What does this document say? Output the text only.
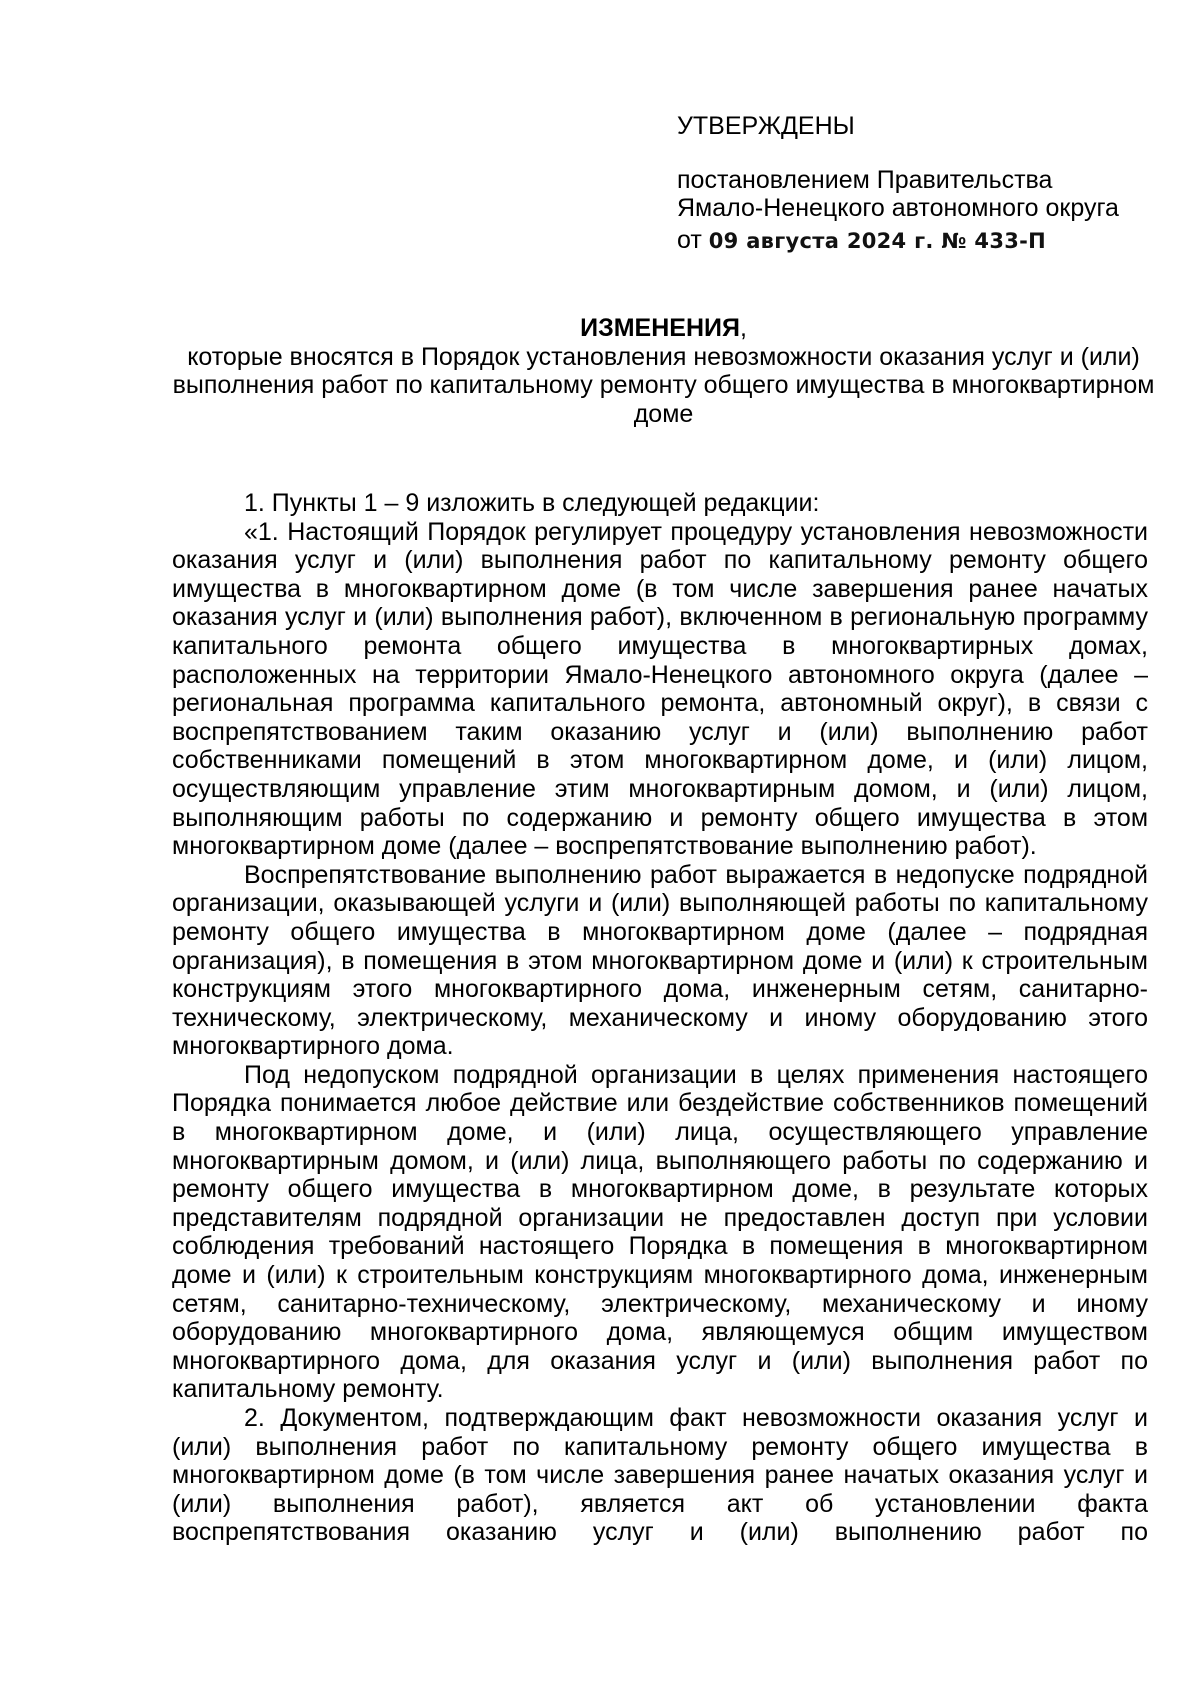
УТВЕРЖДЕНЫ

постановлением Правительства

Ямало-Ненецкого автономного округа

от 09 августа 2024 г. № 433-П

ИЗМЕНЕНИЯ,

которые вносятся в Порядок установления невозможности оказания услуг и (или) выполнения работ по капитальному ремонту общего имущества в многоквартирном доме

1. Пункты 1 – 9 изложить в следующей редакции:

«1. Настоящий Порядок регулирует процедуру установления невозможности оказания услуг и (или) выполнения работ по капитальному ремонту общего имущества в многоквартирном доме (в том числе завершения ранее начатых оказания услуг и (или) выполнения работ), включенном в региональную программу капитального ремонта общего имущества в многоквартирных домах, расположенных на территории Ямало-Ненецкого автономного округа (далее – региональная программа капитального ремонта, автономный округ), в связи с воспрепятствованием таким оказанию услуг и (или) выполнению работ собственниками помещений в этом многоквартирном доме, и (или) лицом, осуществляющим управление этим многоквартирным домом, и (или) лицом, выполняющим работы по содержанию и ремонту общего имущества в этом многоквартирном доме (далее – воспрепятствование выполнению работ).

Воспрепятствование выполнению работ выражается в недопуске подрядной организации, оказывающей услуги и (или) выполняющей работы по капитальному ремонту общего имущества в многоквартирном доме (далее – подрядная организация), в помещения в этом многоквартирном доме и (или) к строительным конструкциям этого многоквартирного дома, инженерным сетям, санитарно-техническому, электрическому, механическому и иному оборудованию этого многоквартирного дома.

Под недопуском подрядной организации в целях применения настоящего Порядка понимается любое действие или бездействие собственников помещений в многоквартирном доме, и (или) лица, осуществляющего управление многоквартирным домом, и (или) лица, выполняющего работы по содержанию и ремонту общего имущества в многоквартирном доме, в результате которых представителям подрядной организации не предоставлен доступ при условии соблюдения требований настоящего Порядка в помещения в многоквартирном доме и (или) к строительным конструкциям многоквартирного дома, инженерным сетям, санитарно-техническому, электрическому, механическому и иному оборудованию многоквартирного дома, являющемуся общим имуществом многоквартирного дома, для оказания услуг и (или) выполнения работ по капитальному ремонту.

2. Документом, подтверждающим факт невозможности оказания услуг и (или) выполнения работ по капитальному ремонту общего имущества в многоквартирном доме (в том числе завершения ранее начатых оказания услуг и (или) выполнения работ), является акт об установлении факта воспрепятствования оказанию услуг и (или) выполнению работ по
